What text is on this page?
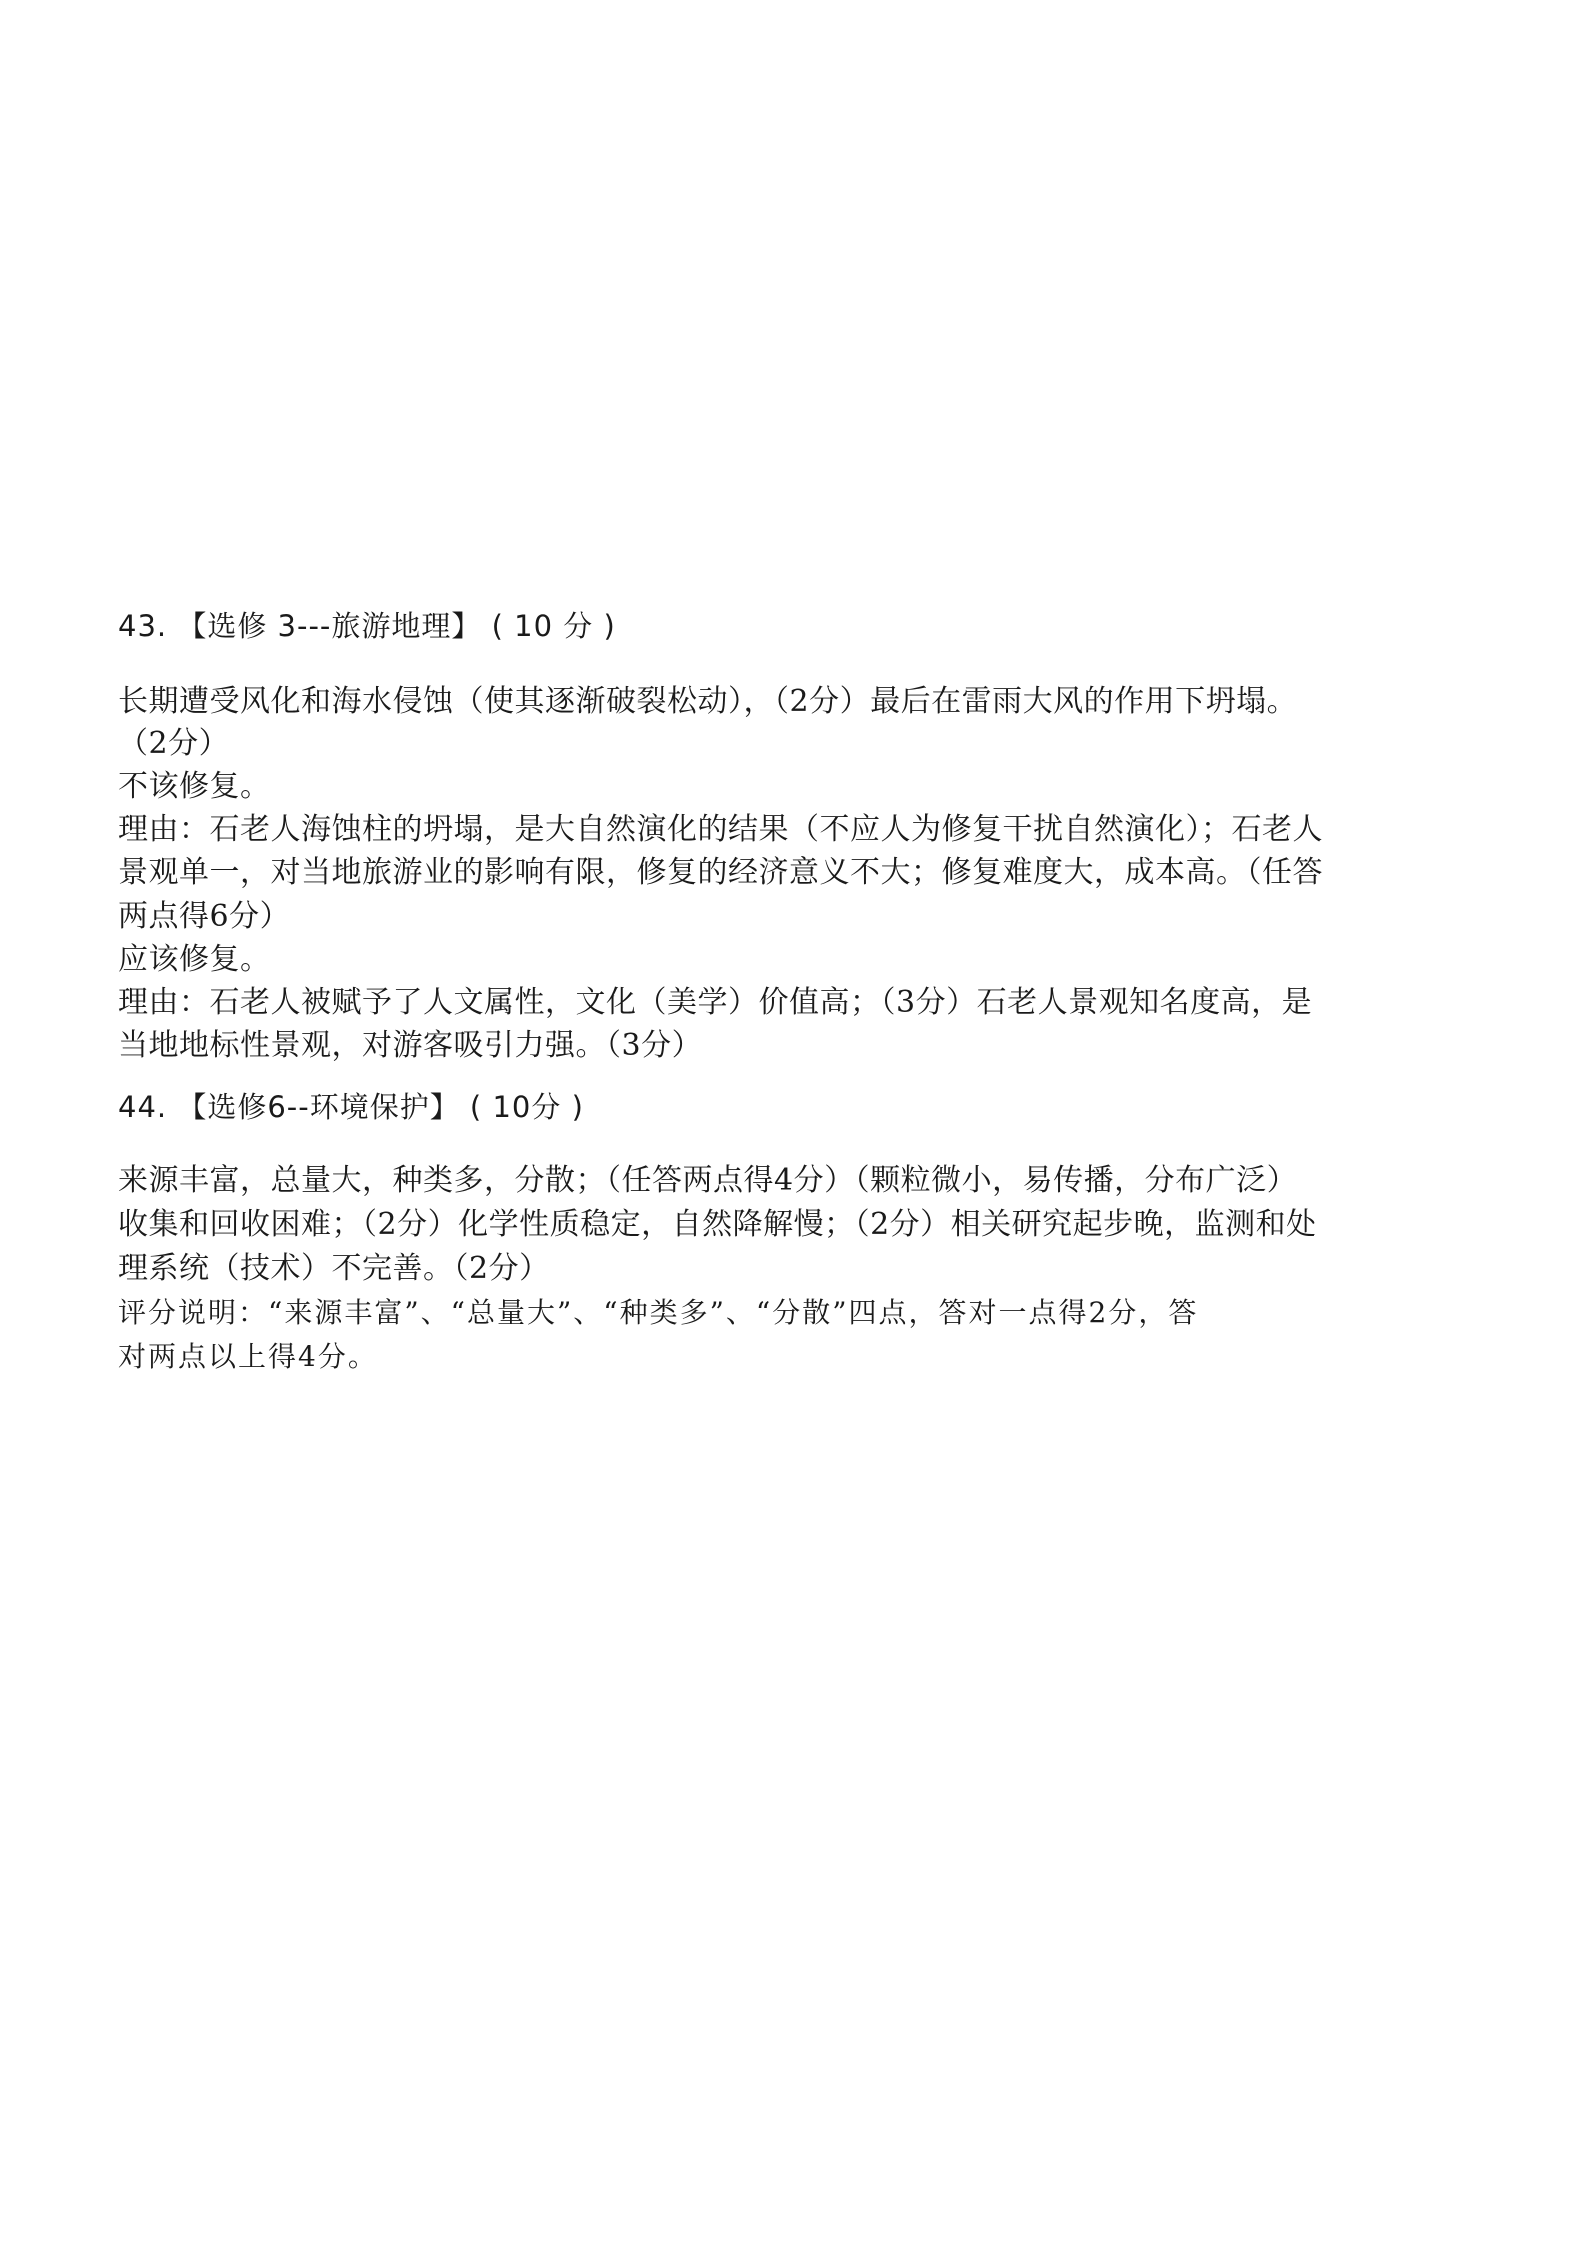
43. 【选修 3---旅游地理】 ( 10 分 )
长期遭受风化和海水侵蚀（使其逐渐破裂松动），（2分）最后在雷雨大风的作用下坍塌。
（2分）
不该修复。
理由：石老人海蚀柱的坍塌，是大自然演化的结果（不应人为修复干扰自然演化）；石老人
景观单一，对当地旅游业的影响有限，修复的经济意义不大；修复难度大，成本高。（任答
两点得6分）
应该修复。
理由：石老人被赋予了人文属性，文化（美学）价值高；（3分）石老人景观知名度高，是
当地地标性景观，对游客吸引力强。（3分）
44. 【选修6--环境保护】 ( 10分 )
来源丰富，总量大，种类多，分散；（任答两点得4分）（颗粒微小，易传播，分布广泛）
收集和回收困难；（2分）化学性质稳定，自然降解慢；（2分）相关研究起步晚，监测和处
理系统（技术）不完善。（2分）
评分说明：“来源丰富”、“总量大”、“种类多”、“分散”四点，答对一点得2分，答
对两点以上得4分。
